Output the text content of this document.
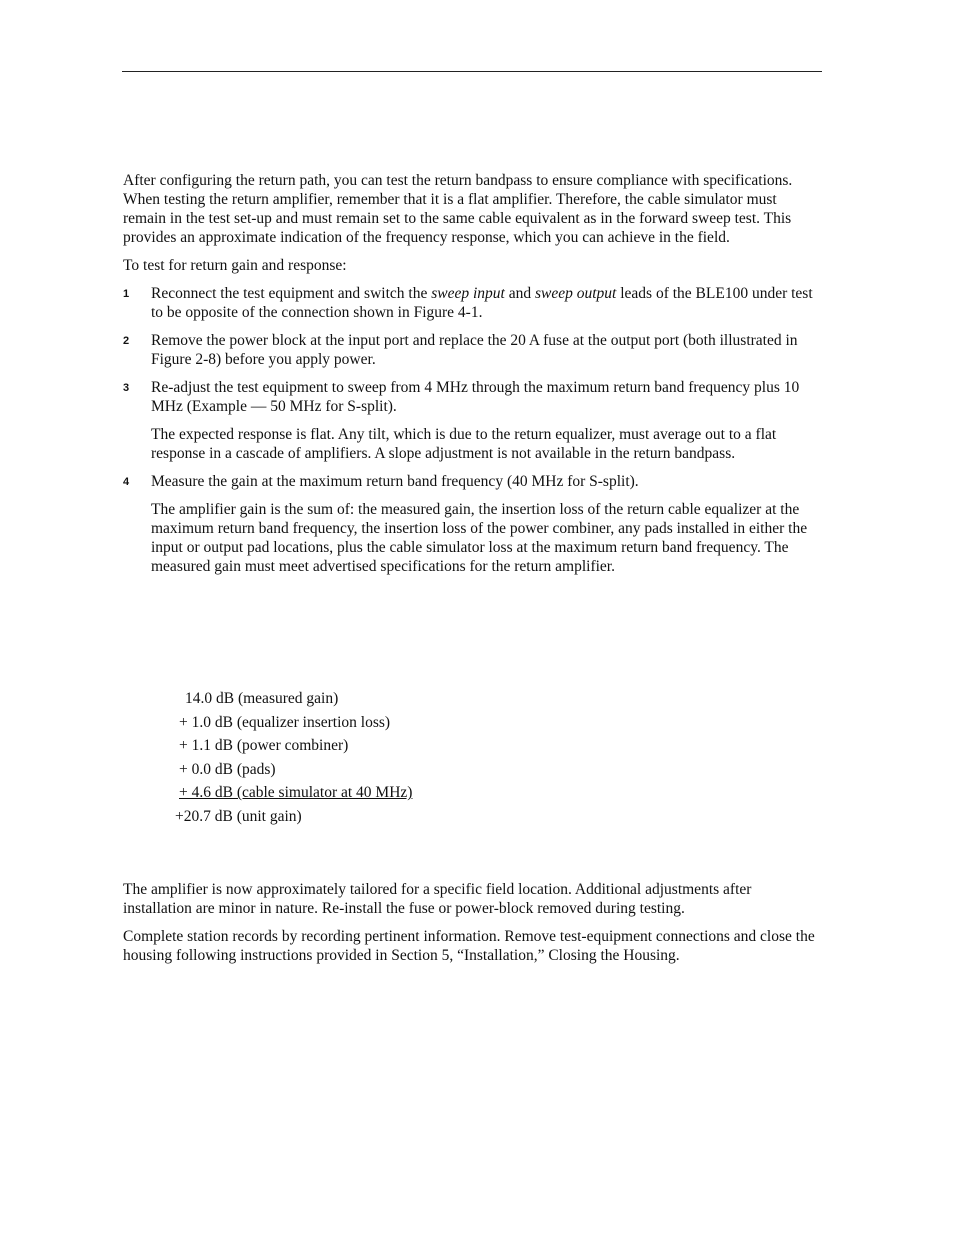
After configuring the return path, you can test the return bandpass to ensure compliance with specifications. When testing the return amplifier, remember that it is a flat amplifier. Therefore, the cable simulator must remain in the test set-up and must remain set to the same cable equivalent as in the forward sweep test. This provides an approximate indication of the frequency response, which you can achieve in the field.

To test for return gain and response:

1 Reconnect the test equipment and switch the sweep input and sweep output leads of the BLE100 under test to be opposite of the connection shown in Figure 4-1.
2 Remove the power block at the input port and replace the 20 A fuse at the output port (both illustrated in Figure 2-8) before you apply power.
3 Re-adjust the test equipment to sweep from 4 MHz through the maximum return band frequency plus 10 MHz (Example — 50 MHz for S-split).

The expected response is flat. Any tilt, which is due to the return equalizer, must average out to a flat response in a cascade of amplifiers. A slope adjustment is not available in the return bandpass.

4 Measure the gain at the maximum return band frequency (40 MHz for S-split).

The amplifier gain is the sum of: the measured gain, the insertion loss of the return cable equalizer at the maximum return band frequency, the insertion loss of the power combiner, any pads installed in either the input or output pad locations, plus the cable simulator loss at the maximum return band frequency. The measured gain must meet advertised specifications for the return amplifier.

14.0 dB (measured gain)
+ 1.0 dB (equalizer insertion loss)
+ 1.1 dB (power combiner)
+ 0.0 dB (pads)
+ 4.6 dB (cable simulator at 40 MHz)
+20.7 dB (unit gain)

The amplifier is now approximately tailored for a specific field location. Additional adjustments after installation are minor in nature. Re-install the fuse or power-block removed during testing.

Complete station records by recording pertinent information. Remove test-equipment connections and close the housing following instructions provided in Section 5, “Installation,” Closing the Housing.
